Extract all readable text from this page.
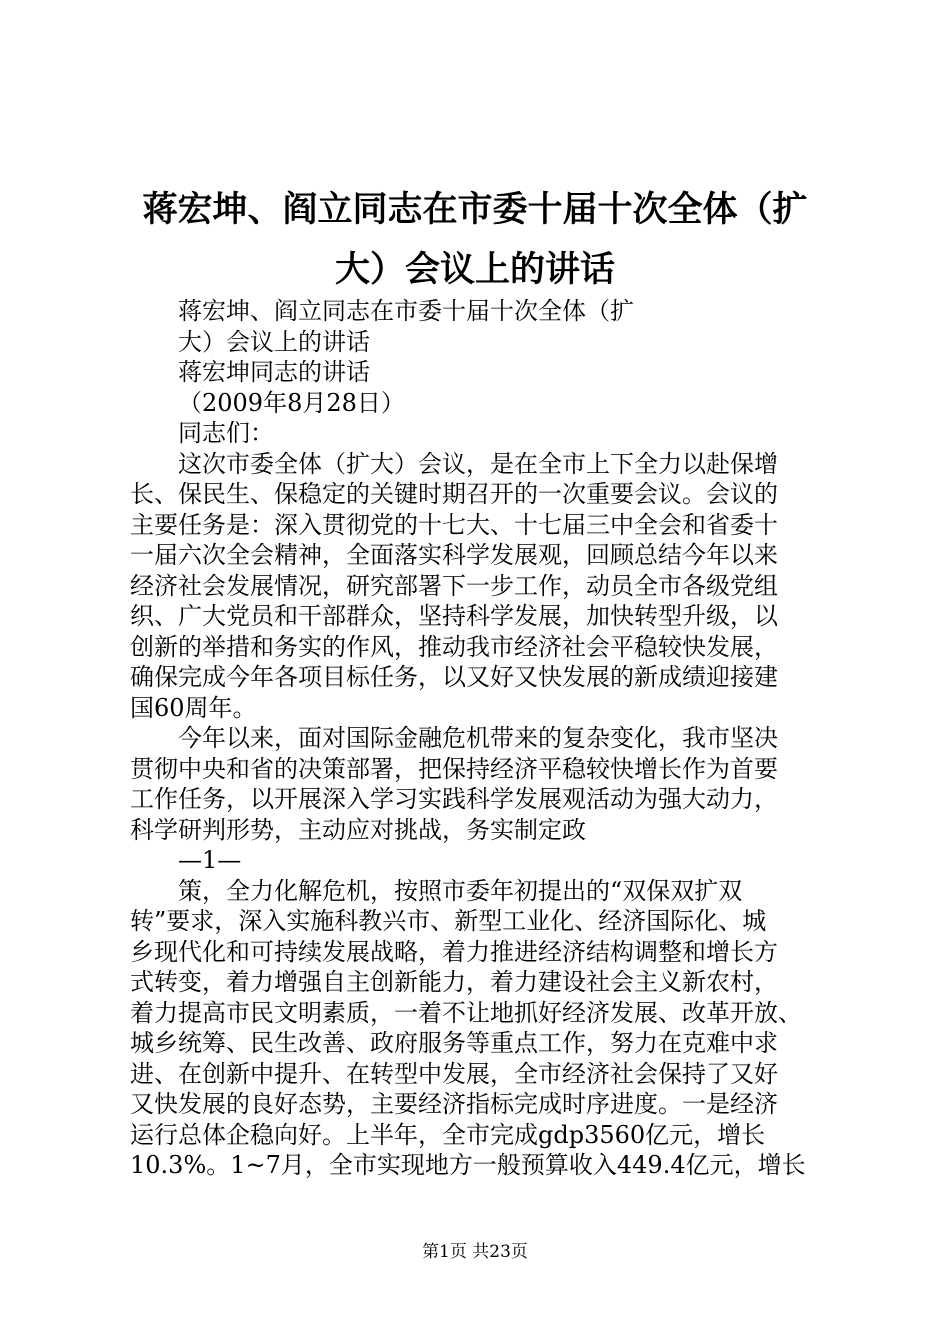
蒋宏坤、阎立同志在市委十届十次全体（扩
大）会议上的讲话
蒋宏坤、阎立同志在市委十届十次全体（扩
大）会议上的讲话
蒋宏坤同志的讲话
（2009年8月28日）
同志们：
这次市委全体（扩大）会议，是在全市上下全力以赴保增
长、保民生、保稳定的关键时期召开的一次重要会议。会议的
主要任务是：深入贯彻党的十七大、十七届三中全会和省委十
一届六次全会精神，全面落实科学发展观，回顾总结今年以来
经济社会发展情况，研究部署下一步工作，动员全市各级党组
织、广大党员和干部群众，坚持科学发展，加快转型升级，以
创新的举措和务实的作风，推动我市经济社会平稳较快发展，
确保完成今年各项目标任务，以又好又快发展的新成绩迎接建
国60周年。
今年以来，面对国际金融危机带来的复杂变化，我市坚决
贯彻中央和省的决策部署，把保持经济平稳较快增长作为首要
工作任务，以开展深入学习实践科学发展观活动为强大动力，
科学研判形势，主动应对挑战，务实制定政
—1—
策，全力化解危机，按照市委年初提出的“双保双扩双
转”要求，深入实施科教兴市、新型工业化、经济国际化、城
乡现代化和可持续发展战略，着力推进经济结构调整和增长方
式转变，着力增强自主创新能力，着力建设社会主义新农村，
着力提高市民文明素质，一着不让地抓好经济发展、改革开放、
城乡统筹、民生改善、政府服务等重点工作，努力在克难中求
进、在创新中提升、在转型中发展，全市经济社会保持了又好
又快发展的良好态势，主要经济指标完成时序进度。一是经济
运行总体企稳向好。上半年，全市完成gdp3560亿元，增长
10.3%。1~7月，全市实现地方一般预算收入449.4亿元，增长
第1页 共23页
